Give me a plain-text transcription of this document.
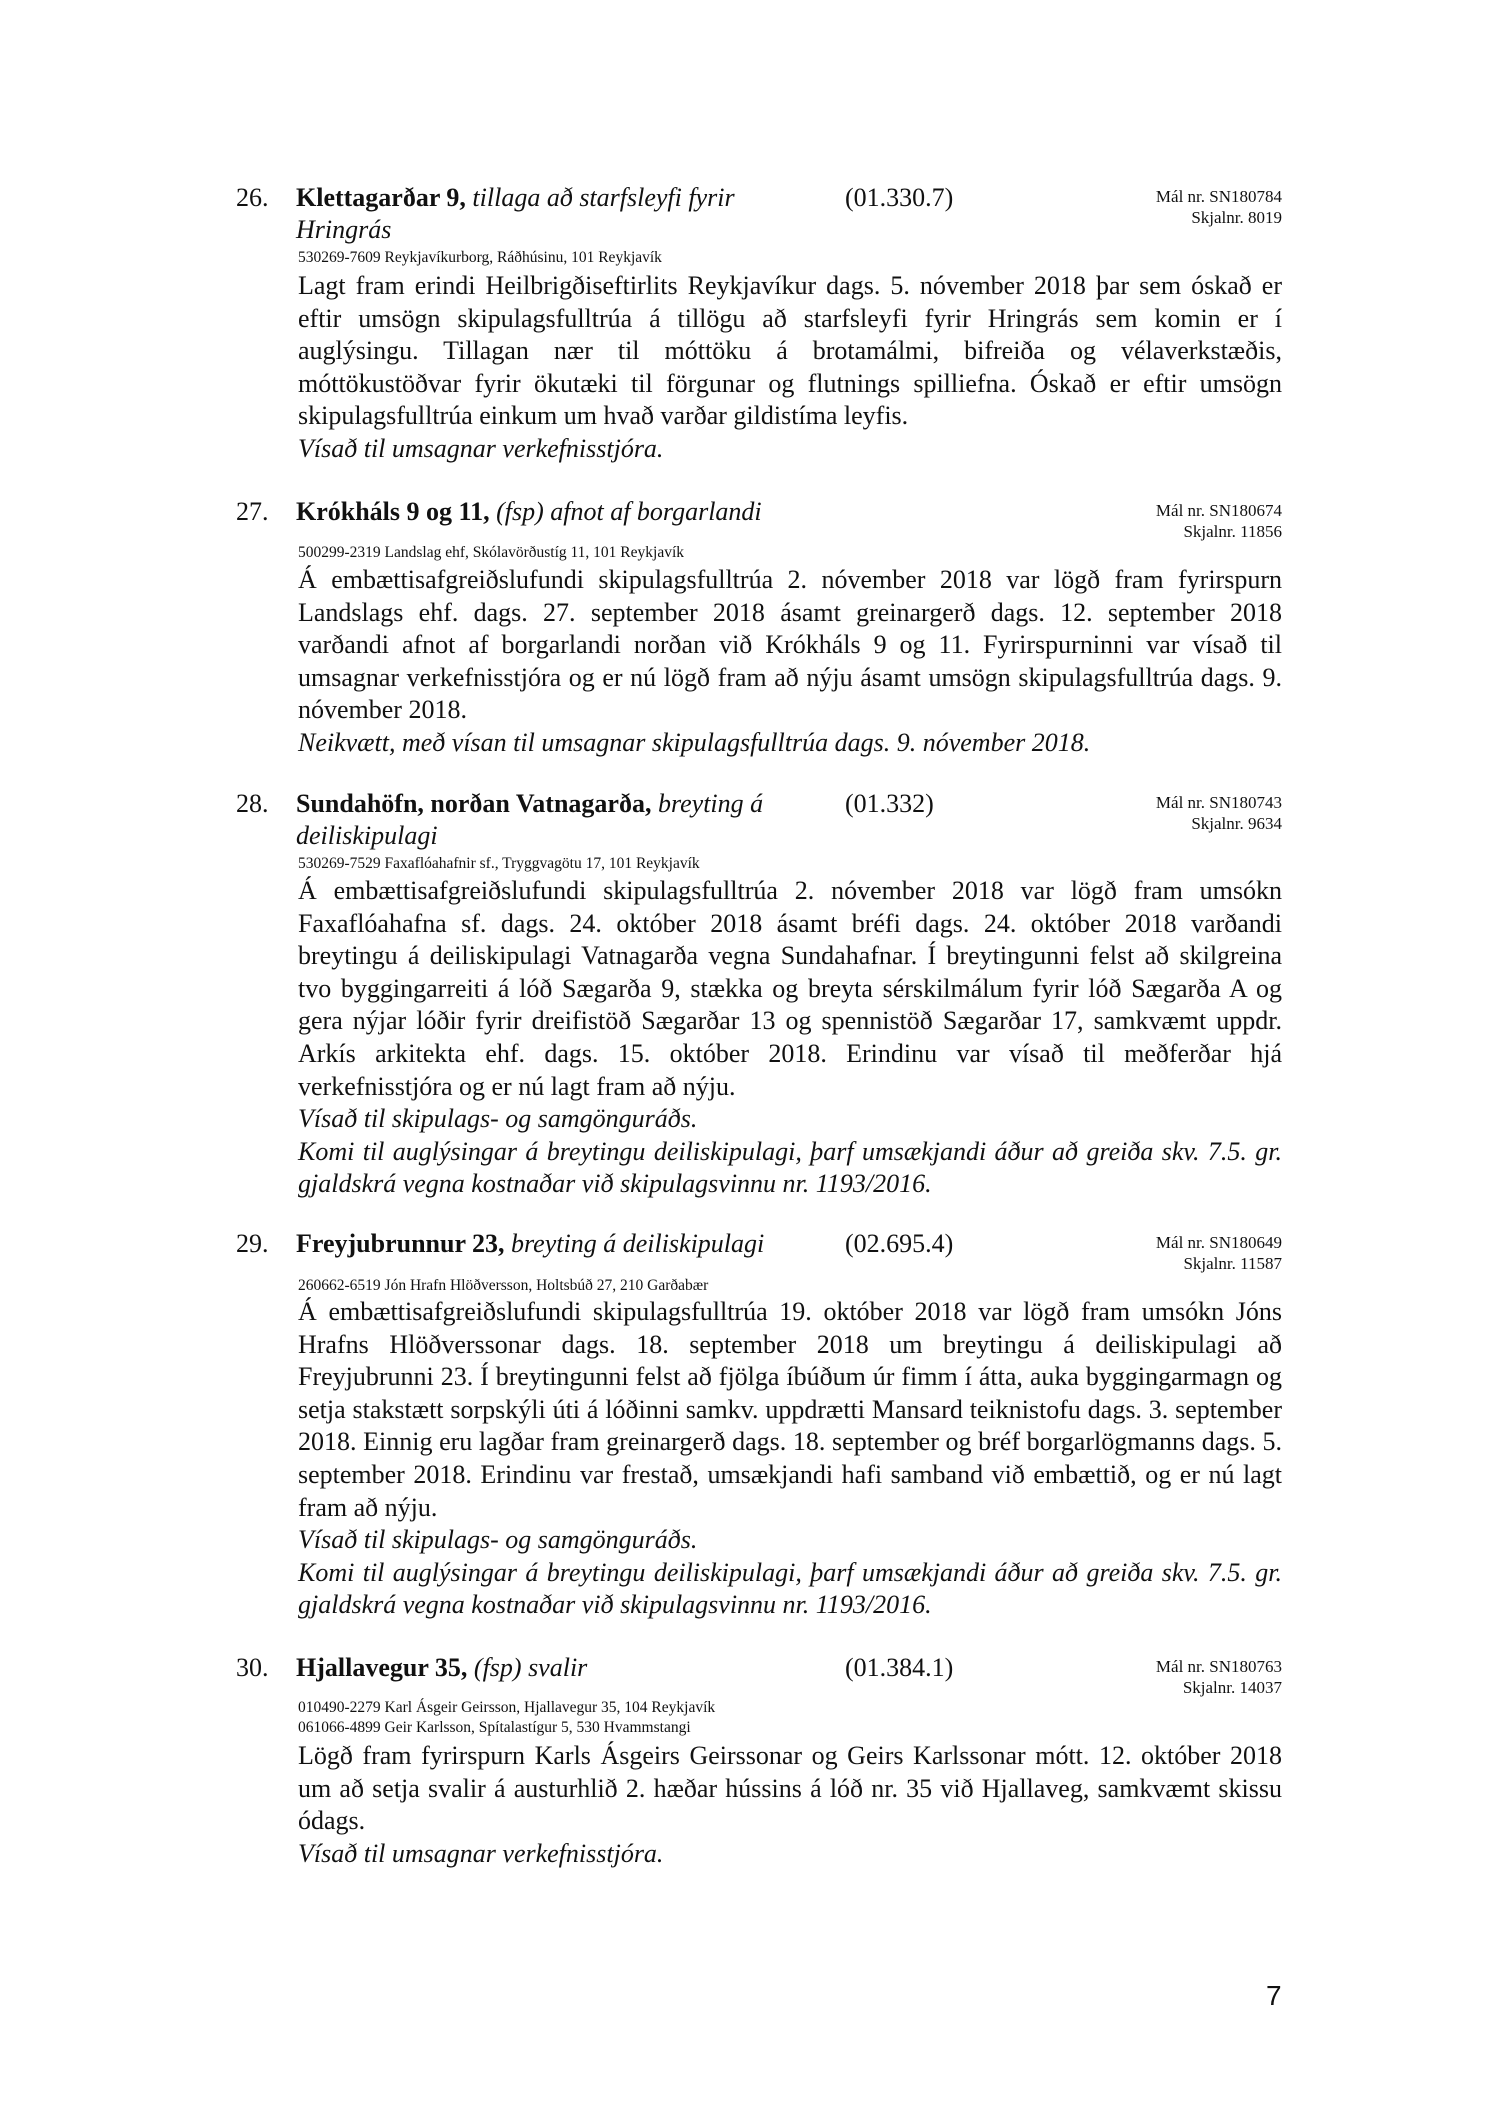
26. Klettagarðar 9, tillaga að starfsleyfi fyrir Hringrás
(01.330.7)	Mál nr. SN180784
Skjalnr. 8019
530269-7609 Reykjavíkurborg, Ráðhúsinu, 101 Reykjavík

Lagt fram erindi Heilbrigðiseftirlits Reykjavíkur dags. 5. nóvember 2018 þar sem óskað er eftir umsögn skipulagsfulltrúa á tillögu að starfsleyfi fyrir Hringrás sem komin er í auglýsingu. Tillagan nær til móttöku á brotamálmi, bifreiða og vélaverkstæðis, móttökustöðvar fyrir ökutæki til förgunar og flutnings spilliefna. Óskað er eftir umsögn skipulagsfulltrúa einkum um hvað varðar gildistíma leyfis.

Vísað til umsagnar verkefnisstjóra.

27. Krókháls 9 og 11, (fsp) afnot af borgarlandi	Mál nr. SN180674
Skjalnr. 11856
500299-2319 Landslag ehf, Skólavörðustíg 11, 101 Reykjavík

Á embættisafgreiðslufundi skipulagsfulltrúa 2. nóvember 2018 var lögð fram fyrirspurn Landslags ehf. dags. 27. september 2018 ásamt greinargerð dags. 12. september 2018 varðandi afnot af borgarlandi norðan við Krókháls 9 og 11. Fyrirspurninni var vísað til umsagnar verkefnisstjóra og er nú lögð fram að nýju ásamt umsögn skipulagsfulltrúa dags. 9. nóvember 2018.

Neikvætt, með vísan til umsagnar skipulagsfulltrúa dags. 9. nóvember 2018.

28. Sundahöfn, norðan Vatnagarða, breyting á deiliskipulagi
(01.332)	Mál nr. SN180743
Skjalnr. 9634
530269-7529 Faxaflóahafnir sf., Tryggvagötu 17, 101 Reykjavík

Á embættisafgreiðslufundi skipulagsfulltrúa 2. nóvember 2018 var lögð fram umsókn Faxaflóahafna sf. dags. 24. október 2018 ásamt bréfi dags. 24. október 2018 varðandi breytingu á deiliskipulagi Vatnagarða vegna Sundahafnar. Í breytingunni felst að skilgreina tvo byggingarreiti á lóð Sægarða 9, stækka og breyta sérskilmálum fyrir lóð Sægarða A og gera nýjar lóðir fyrir dreifistöð Sægarðar 13 og spennistöð Sægarðar 17, samkvæmt uppdr. Arkís arkitekta ehf. dags. 15. október 2018. Erindinu var vísað til meðferðar hjá verkefnisstjóra og er nú lagt fram að nýju.

Vísað til skipulags- og samgönguráðs.

Komi til auglýsingar á breytingu deiliskipulagi, þarf umsækjandi áður að greiða skv. 7.5. gr. gjaldskrá vegna kostnaðar við skipulagsvinnu nr. 1193/2016.

29. Freyjubrunnur 23, breyting á deiliskipulagi	(02.695.4)	Mál nr. SN180649
Skjalnr. 11587
260662-6519 Jón Hrafn Hlöðversson, Holtsbúð 27, 210 Garðabær

Á embættisafgreiðslufundi skipulagsfulltrúa 19. október 2018 var lögð fram umsókn Jóns Hrafns Hlöðverssonar dags. 18. september 2018 um breytingu á deiliskipulagi að Freyjubrunni 23. Í breytingunni felst að fjölga íbúðum úr fimm í átta, auka byggingarmagn og setja stakstætt sorpskýli úti á lóðinni samkv. uppdrætti Mansard teiknistofu dags. 3. september 2018. Einnig eru lagðar fram greinargerð dags. 18. september og bréf borgarlögmanns dags. 5. september 2018. Erindinu var frestað, umsækjandi hafi samband við embættið, og er nú lagt fram að nýju.

Vísað til skipulags- og samgönguráðs.

Komi til auglýsingar á breytingu deiliskipulagi, þarf umsækjandi áður að greiða skv. 7.5. gr. gjaldskrá vegna kostnaðar við skipulagsvinnu nr. 1193/2016.

30. Hjallavegur 35, (fsp) svalir	(01.384.1)	Mál nr. SN180763
Skjalnr. 14037
010490-2279 Karl Ásgeir Geirsson, Hjallavegur 35, 104 Reykjavík
061066-4899 Geir Karlsson, Spítalastígur 5, 530 Hvammstangi

Lögð fram fyrirspurn Karls Ásgeirs Geirssonar og Geirs Karlssonar mótt. 12. október 2018 um að setja svalir á austurhlið 2. hæðar hússins á lóð nr. 35 við Hjallaveg, samkvæmt skissu ódags.

Vísað til umsagnar verkefnisstjóra.

7
